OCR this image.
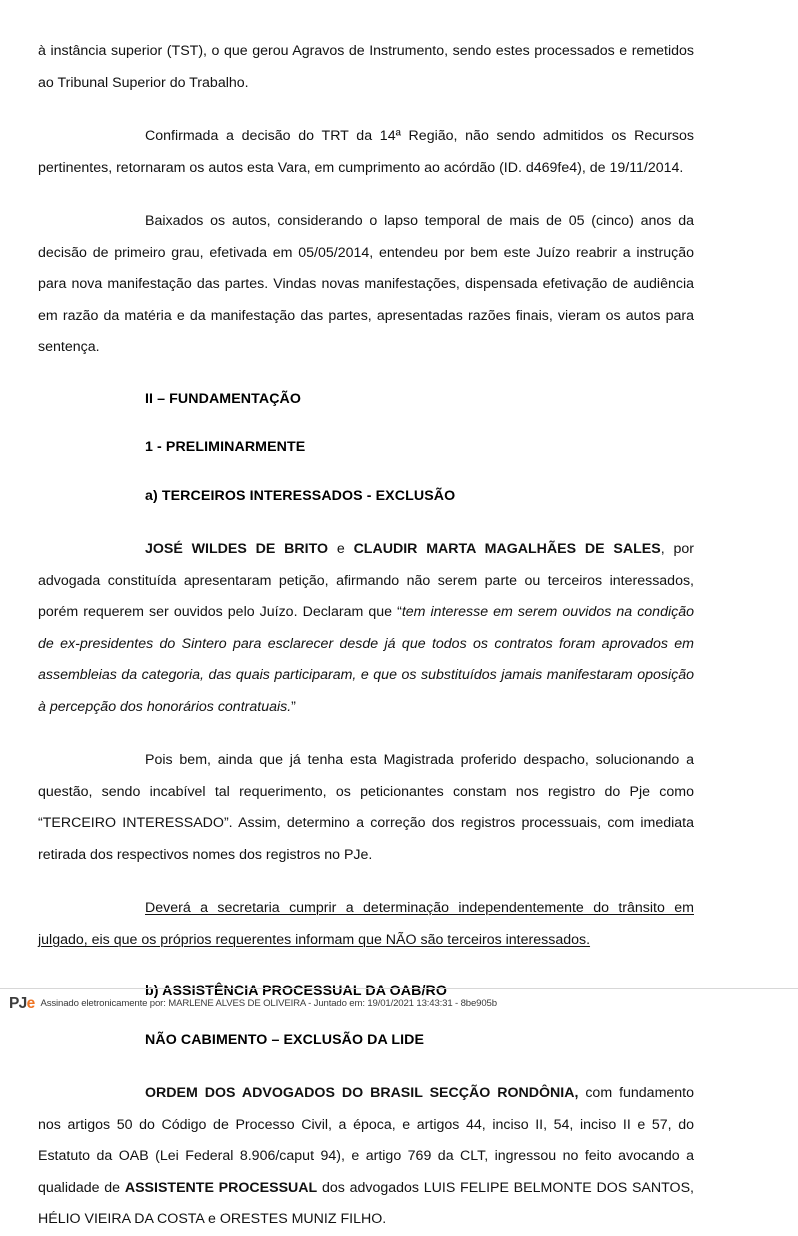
à instância superior (TST), o que gerou Agravos de Instrumento, sendo estes processados e remetidos ao Tribunal Superior do Trabalho.

Confirmada a decisão do TRT da 14ª Região, não sendo admitidos os Recursos pertinentes, retornaram os autos esta Vara, em cumprimento ao acórdão (ID. d469fe4), de 19/11/2014.

Baixados os autos, considerando o lapso temporal de mais de 05 (cinco) anos da decisão de primeiro grau, efetivada em 05/05/2014, entendeu por bem este Juízo reabrir a instrução para nova manifestação das partes. Vindas novas manifestações, dispensada efetivação de audiência em razão da matéria e da manifestação das partes, apresentadas razões finais, vieram os autos para sentença.

II – FUNDAMENTAÇÃO

1 - PRELIMINARMENTE

a) TERCEIROS INTERESSADOS - EXCLUSÃO

JOSÉ WILDES DE BRITO e CLAUDIR MARTA MAGALHÃES DE SALES, por advogada constituída apresentaram petição, afirmando não serem parte ou terceiros interessados, porém requerem ser ouvidos pelo Juízo. Declaram que “tem interesse em serem ouvidos na condição de ex-presidentes do Sintero para esclarecer desde já que todos os contratos foram aprovados em assembleias da categoria, das quais participaram, e que os substituídos jamais manifestaram oposição à percepção dos honorários contratuais.”

Pois bem, ainda que já tenha esta Magistrada proferido despacho, solucionando a questão, sendo incabível tal requerimento, os peticionantes constam nos registro do Pje como “TERCEIRO INTERESSADO”. Assim, determino a correção dos registros processuais, com imediata retirada dos respectivos nomes dos registros no PJe.

Deverá a secretaria cumprir a determinação independentemente do trânsito em julgado, eis que os próprios requerentes informam que NÃO são terceiros interessados.

b) ASSISTÊNCIA PROCESSUAL DA OAB/RO

NÃO CABIMENTO – EXCLUSÃO DA LIDE

ORDEM DOS ADVOGADOS DO BRASIL SECÇÃO RONDÔNIA, com fundamento nos artigos 50 do Código de Processo Civil, a época, e artigos 44, inciso II, 54, inciso II e 57, do Estatuto da OAB (Lei Federal 8.906/caput 94), e artigo 769 da CLT, ingressou no feito avocando a qualidade de ASSISTENTE PROCESSUAL dos advogados LUIS FELIPE BELMONTE DOS SANTOS, HÉLIO VIEIRA DA COSTA e ORESTES MUNIZ FILHO.

PJe Assinado eletronicamente por: MARLENE ALVES DE OLIVEIRA - Juntado em: 19/01/2021 13:43:31 - 8be905b
